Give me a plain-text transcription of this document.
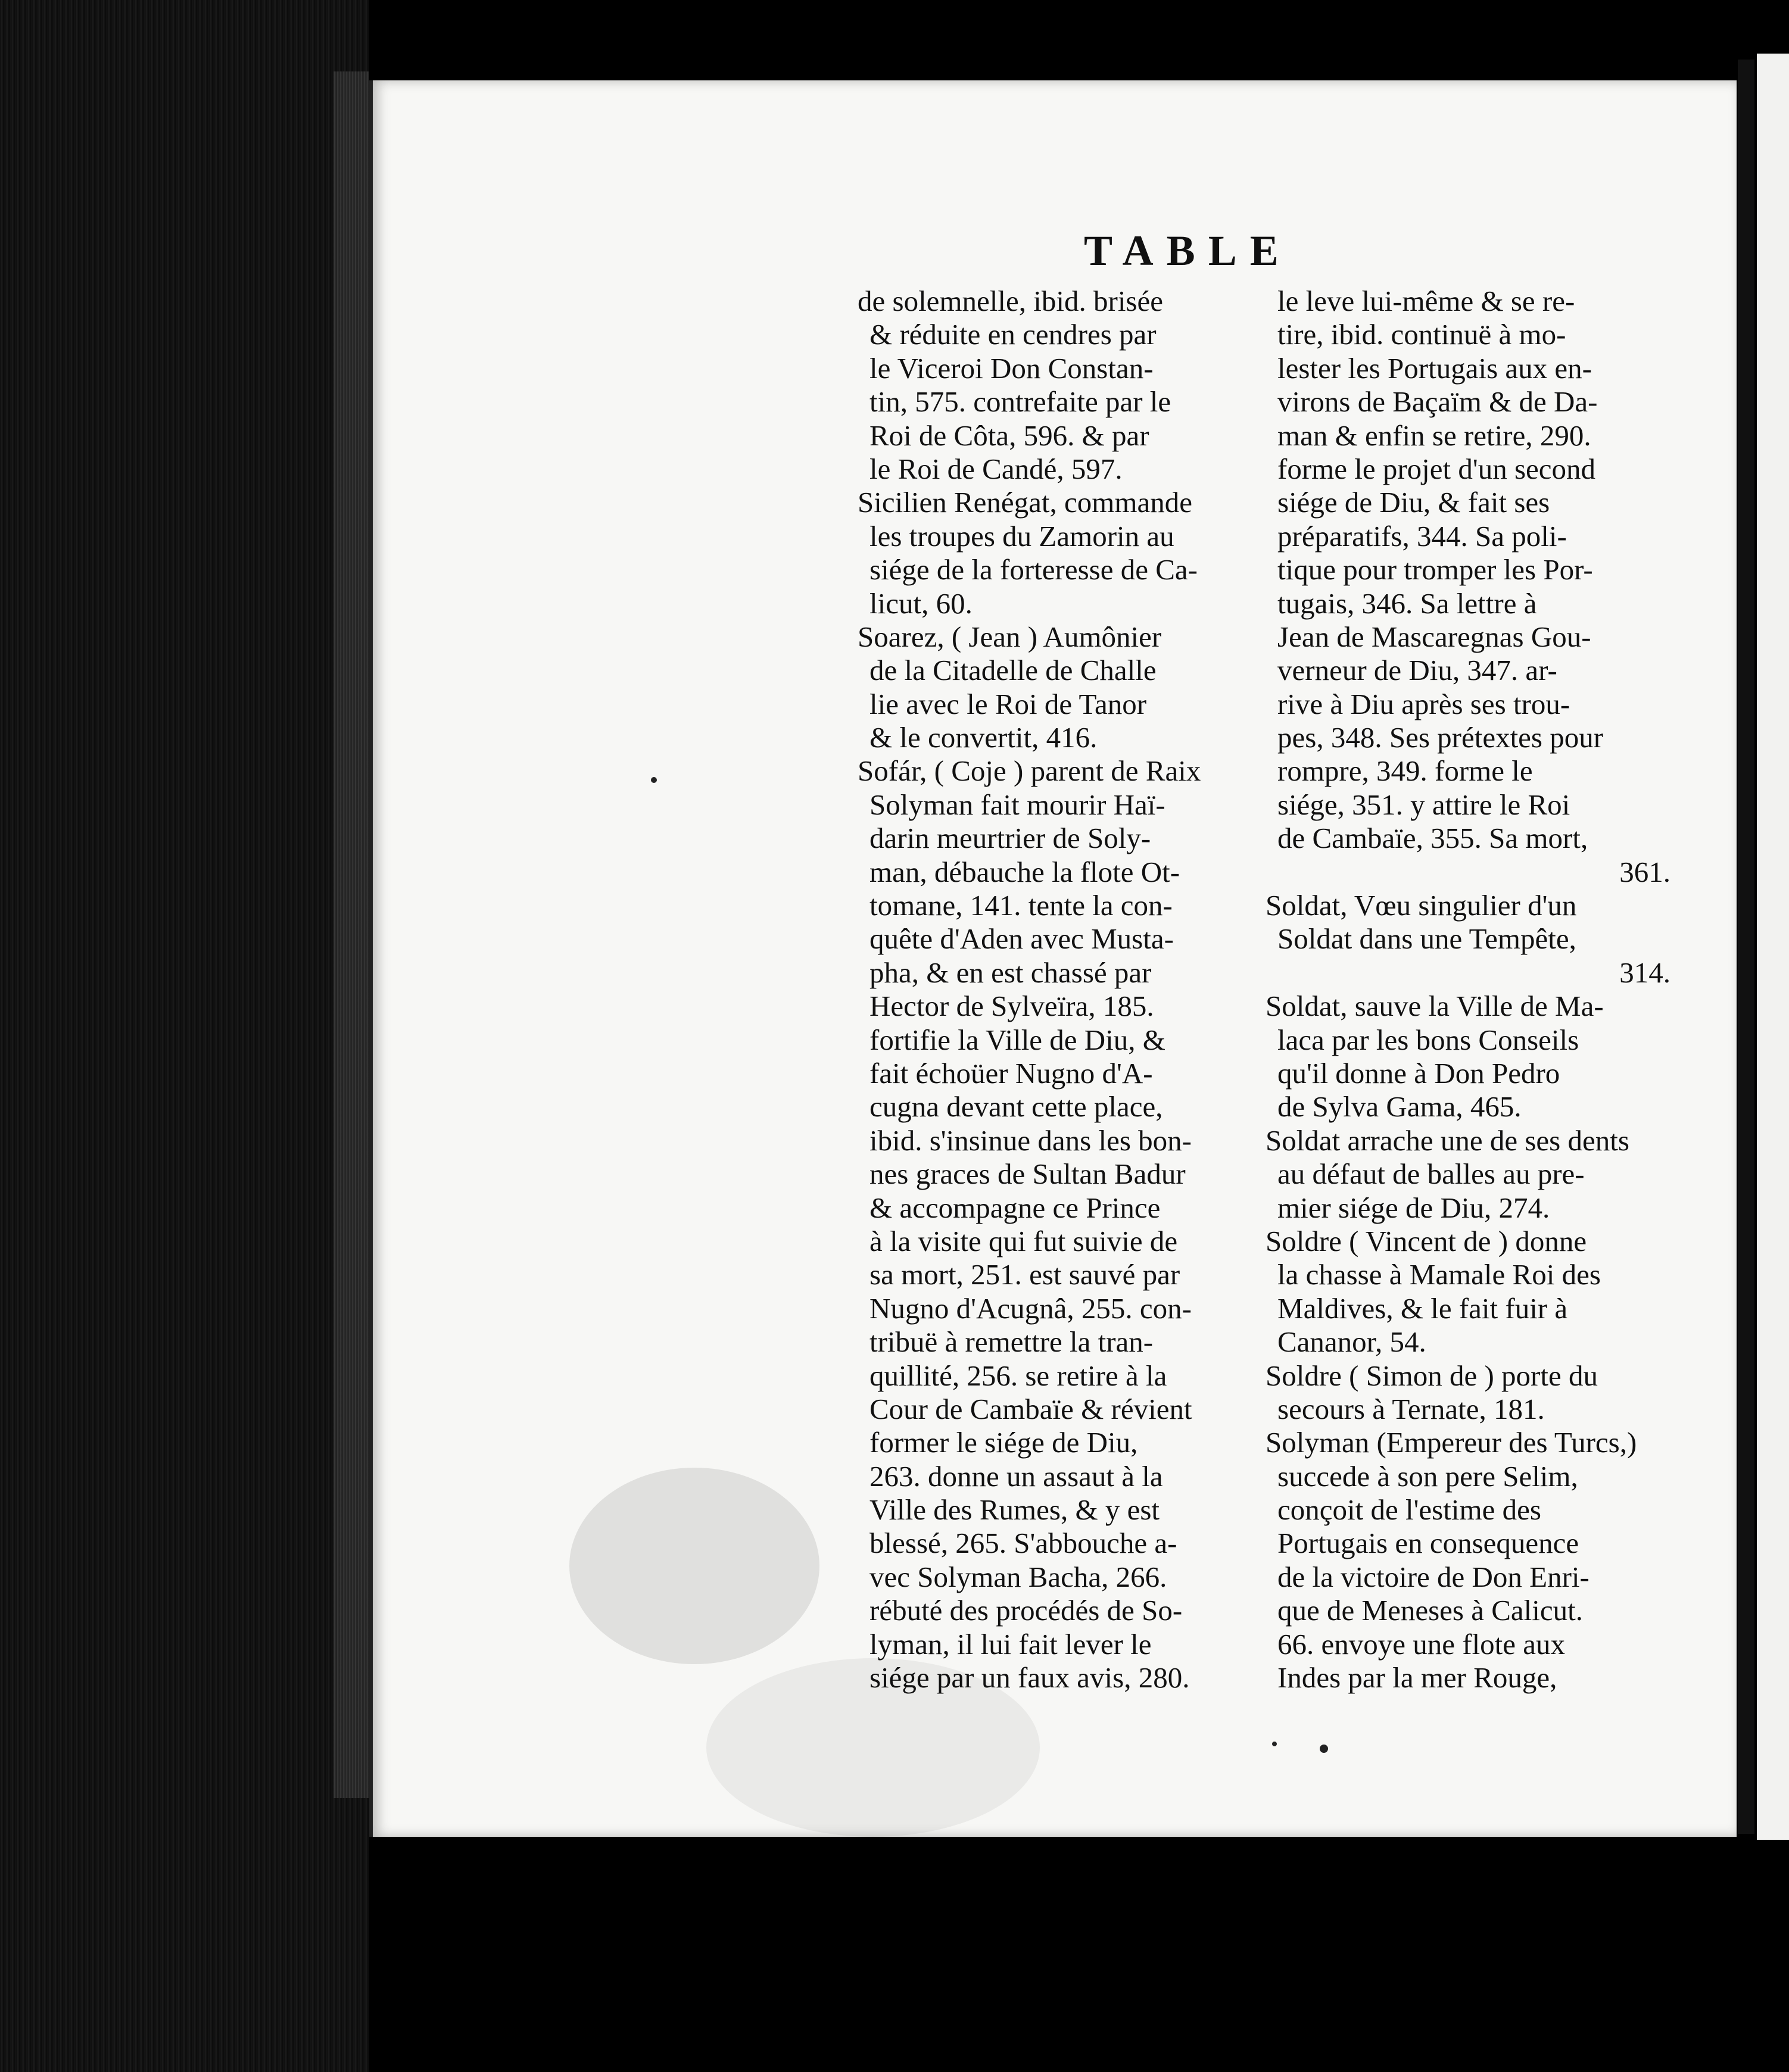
TABLE
de solemnelle, ibid. brisée
& réduite en cendres par
le Viceroi Don Constan-
tin, 575. contrefaite par le
Roi de Côta, 596. & par
le Roi de Candé, 597.
Sicilien Renégat, commande
les troupes du Zamorin au
siége de la forteresse de Ca-
licut, 60.
Soarez, ( Jean ) Aumônier
de la Citadelle de Challe
lie avec le Roi de Tanor
& le convertit, 416.
Sofár, ( Coje ) parent de Raix
Solyman fait mourir Haï-
darin meurtrier de Soly-
man, débauche la flote Ot-
tomane, 141. tente la con-
quête d'Aden avec Musta-
pha, & en est chassé par
Hector de Sylveïra, 185.
fortifie la Ville de Diu, &
fait échoüer Nugno d'A-
cugna devant cette place,
ibid. s'insinue dans les bon-
nes graces de Sultan Badur
& accompagne ce Prince
à la visite qui fut suivie de
sa mort, 251. est sauvé par
Nugno d'Acugnâ, 255. con-
tribuë à remettre la tran-
quillité, 256. se retire à la
Cour de Cambaïe & révient
former le siége de Diu,
263. donne un assaut à la
Ville des Rumes, & y est
blessé, 265. S'abbouche a-
vec Solyman Bacha, 266.
rébuté des procédés de So-
lyman, il lui fait lever le
siége par un faux avis, 280.
le leve lui-même & se re-
tire, ibid. continuë à mo-
lester les Portugais aux en-
virons de Baçaïm & de Da-
man & enfin se retire, 290.
forme le projet d'un second
siége de Diu, & fait ses
préparatifs, 344. Sa poli-
tique pour tromper les Por-
tugais, 346. Sa lettre à
Jean de Mascaregnas Gou-
verneur de Diu, 347. ar-
rive à Diu après ses trou-
pes, 348. Ses prétextes pour
rompre, 349. forme le
siége, 351. y attire le Roi
de Cambaïe, 355. Sa mort,
361.
Soldat, Vœu singulier d'un
Soldat dans une Tempête,
314.
Soldat, sauve la Ville de Ma-
laca par les bons Conseils
qu'il donne à Don Pedro
de Sylva Gama, 465.
Soldat arrache une de ses dents
au défaut de balles au pre-
mier siége de Diu, 274.
Soldre ( Vincent de ) donne
la chasse à Mamale Roi des
Maldives, & le fait fuir à
Cananor, 54.
Soldre ( Simon de ) porte du
secours à Ternate, 181.
Solyman (Empereur des Turcs,)
succede à son pere Selim,
conçoit de l'estime des
Portugais en consequence
de la victoire de Don Enri-
que de Meneses à Calicut.
66. envoye une flote aux
Indes par la mer Rouge,
